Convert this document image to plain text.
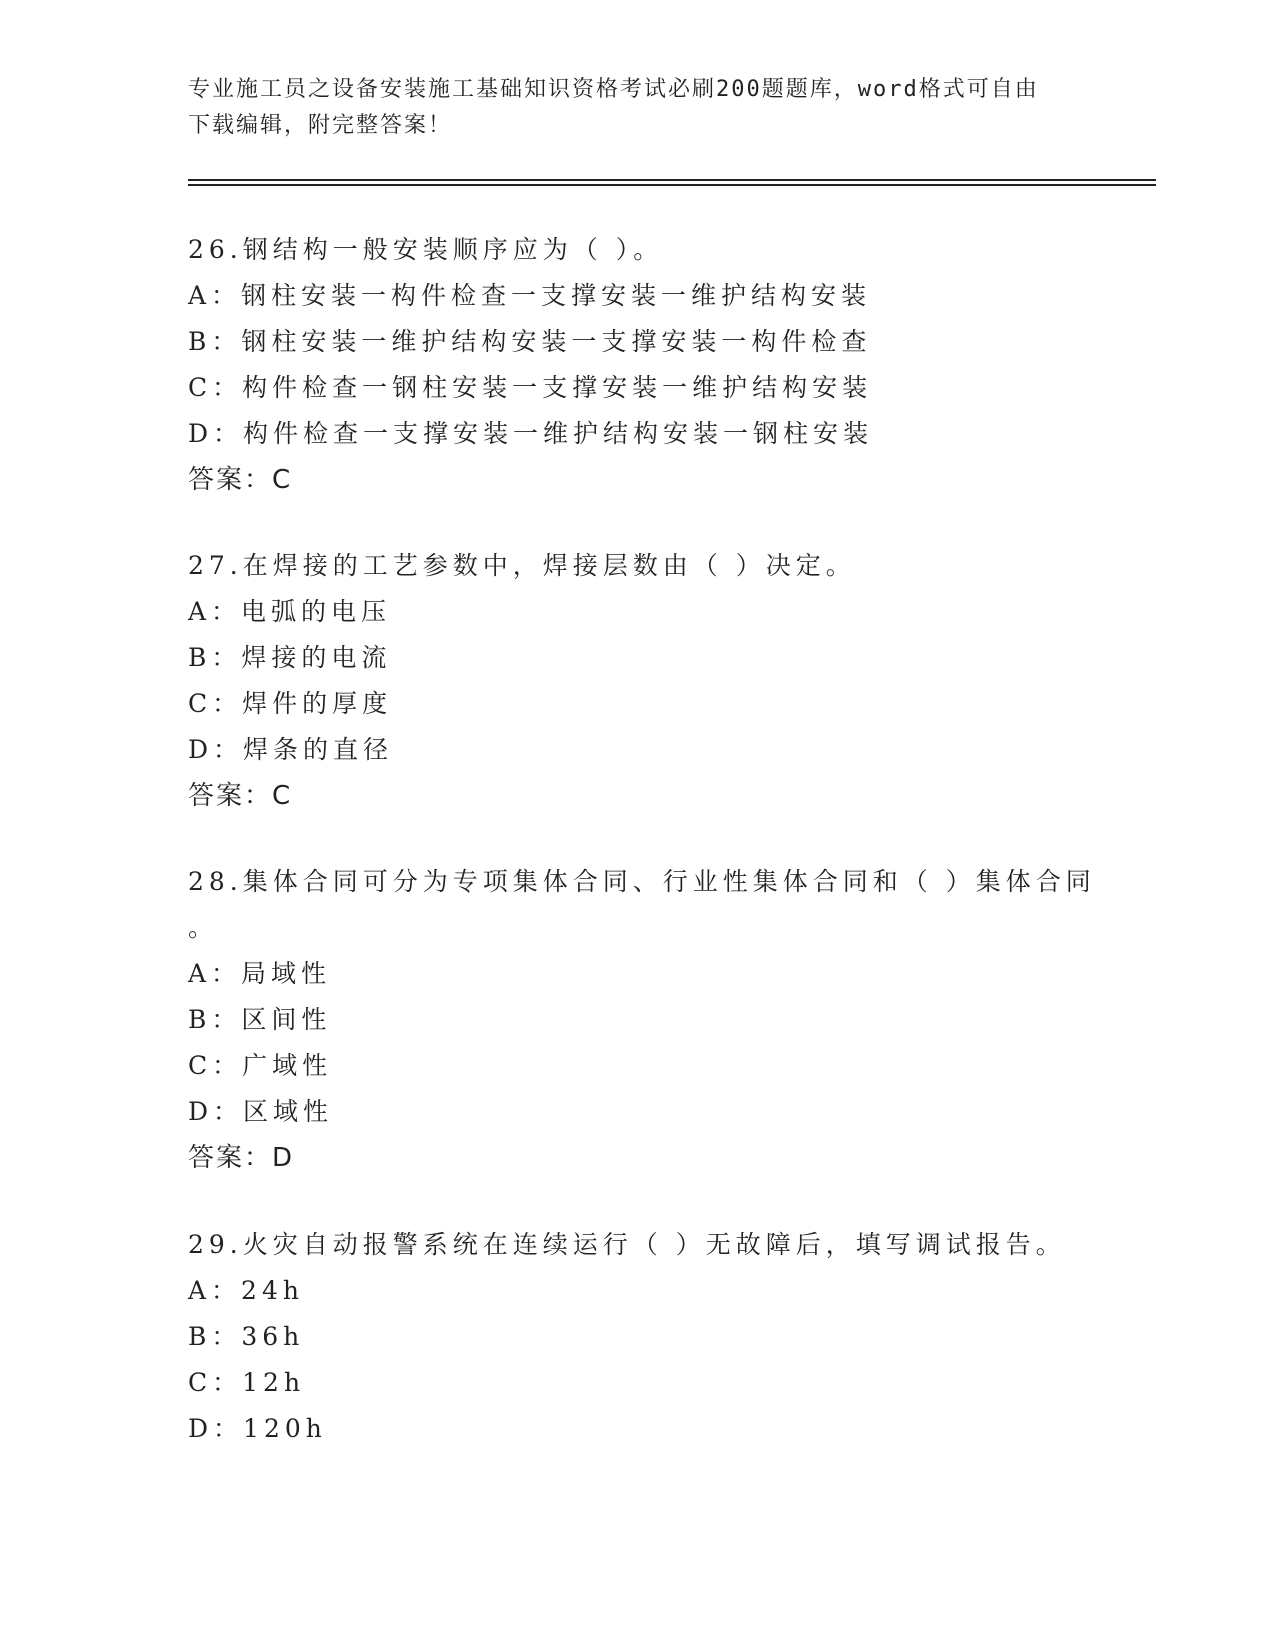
专业施工员之设备安装施工基础知识资格考试必刷200题题库，word格式可自由
下载编辑，附完整答案！
26.钢结构一般安装顺序应为（ ）。
A：钢柱安装一构件检查一支撑安装一维护结构安装
B：钢柱安装一维护结构安装一支撑安装一构件检查
C：构件检查一钢柱安装一支撑安装一维护结构安装
D：构件检查一支撑安装一维护结构安装一钢柱安装
答案：C
27.在焊接的工艺参数中，焊接层数由（ ）决定。
A：电弧的电压
B：焊接的电流
C：焊件的厚度
D：焊条的直径
答案：C
28.集体合同可分为专项集体合同、行业性集体合同和（ ）集体合同
。
A：局域性
B：区间性
C：广域性
D：区域性
答案：D
29.火灾自动报警系统在连续运行（ ）无故障后，填写调试报告。
A：24h
B：36h
C：12h
D：120h
